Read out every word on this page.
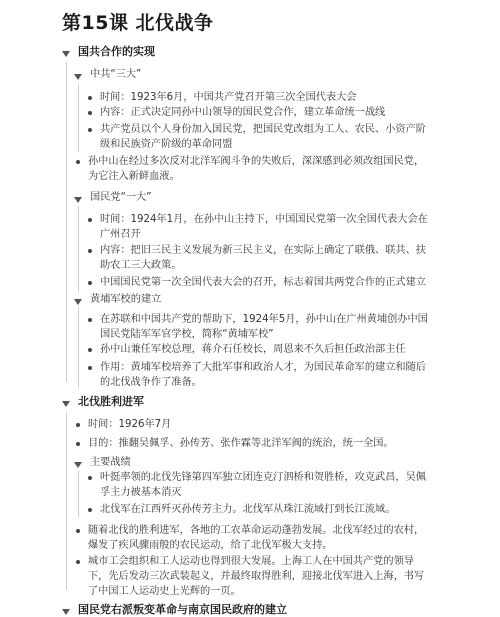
第15课 北伐战争
国共合作的实现
中共“三大”
时间：1923年6月，中国共产党召开第三次全国代表大会
内容：正式决定同孙中山领导的国民党合作，建立革命统一战线
共产党员以个人身份加入国民党，把国民党改组为工人、农民、小资产阶
级和民族资产阶级的革命同盟
孙中山在经过多次反对北洋军阀斗争的失败后，深深感到必须改组国民党，
为它注入新鲜血液。
国民党“一大”
时间：1924年1月，在孙中山主持下，中国国民党第一次全国代表大会在
广州召开
内容：把旧三民主义发展为新三民主义，在实际上确定了联俄、联共、扶
助农工三大政策。
中国国民党第一次全国代表大会的召开，标志着国共两党合作的正式建立
黄埔军校的建立
在苏联和中国共产党的帮助下，1924年5月，孙中山在广州黄埔创办中国
国民党陆军军官学校，简称“黄埔军校”
孙中山兼任军校总理，蒋介石任校长，周恩来不久后担任政治部主任
作用：黄埔军校培养了大批军事和政治人才，为国民革命军的建立和随后
的北伐战争作了准备。
北伐胜利进军
时间：1926年7月
目的：推翻吴佩孚、孙传芳、张作霖等北洋军阀的统治，统一全国。
主要战绩
叶挺率领的北伐先锋第四军独立团连克汀泗桥和贺胜桥，攻克武昌，吴佩
孚主力被基本消灭
北伐军在江西歼灭孙传芳主力。北伐军从珠江流域打到长江流域。
随着北伐的胜利进军，各地的工农革命运动蓬勃发展。北伐军经过的农村，
爆发了疾风骤雨般的农民运动，给了北伐军极大支持。
城市工会组织和工人运动也得到很大发展。上海工人在中国共产党的领导
下，先后发动三次武装起义，并最终取得胜利，迎接北伐军进入上海，书写
了中国工人运动史上光辉的一页。
国民党右派叛变革命与南京国民政府的建立
